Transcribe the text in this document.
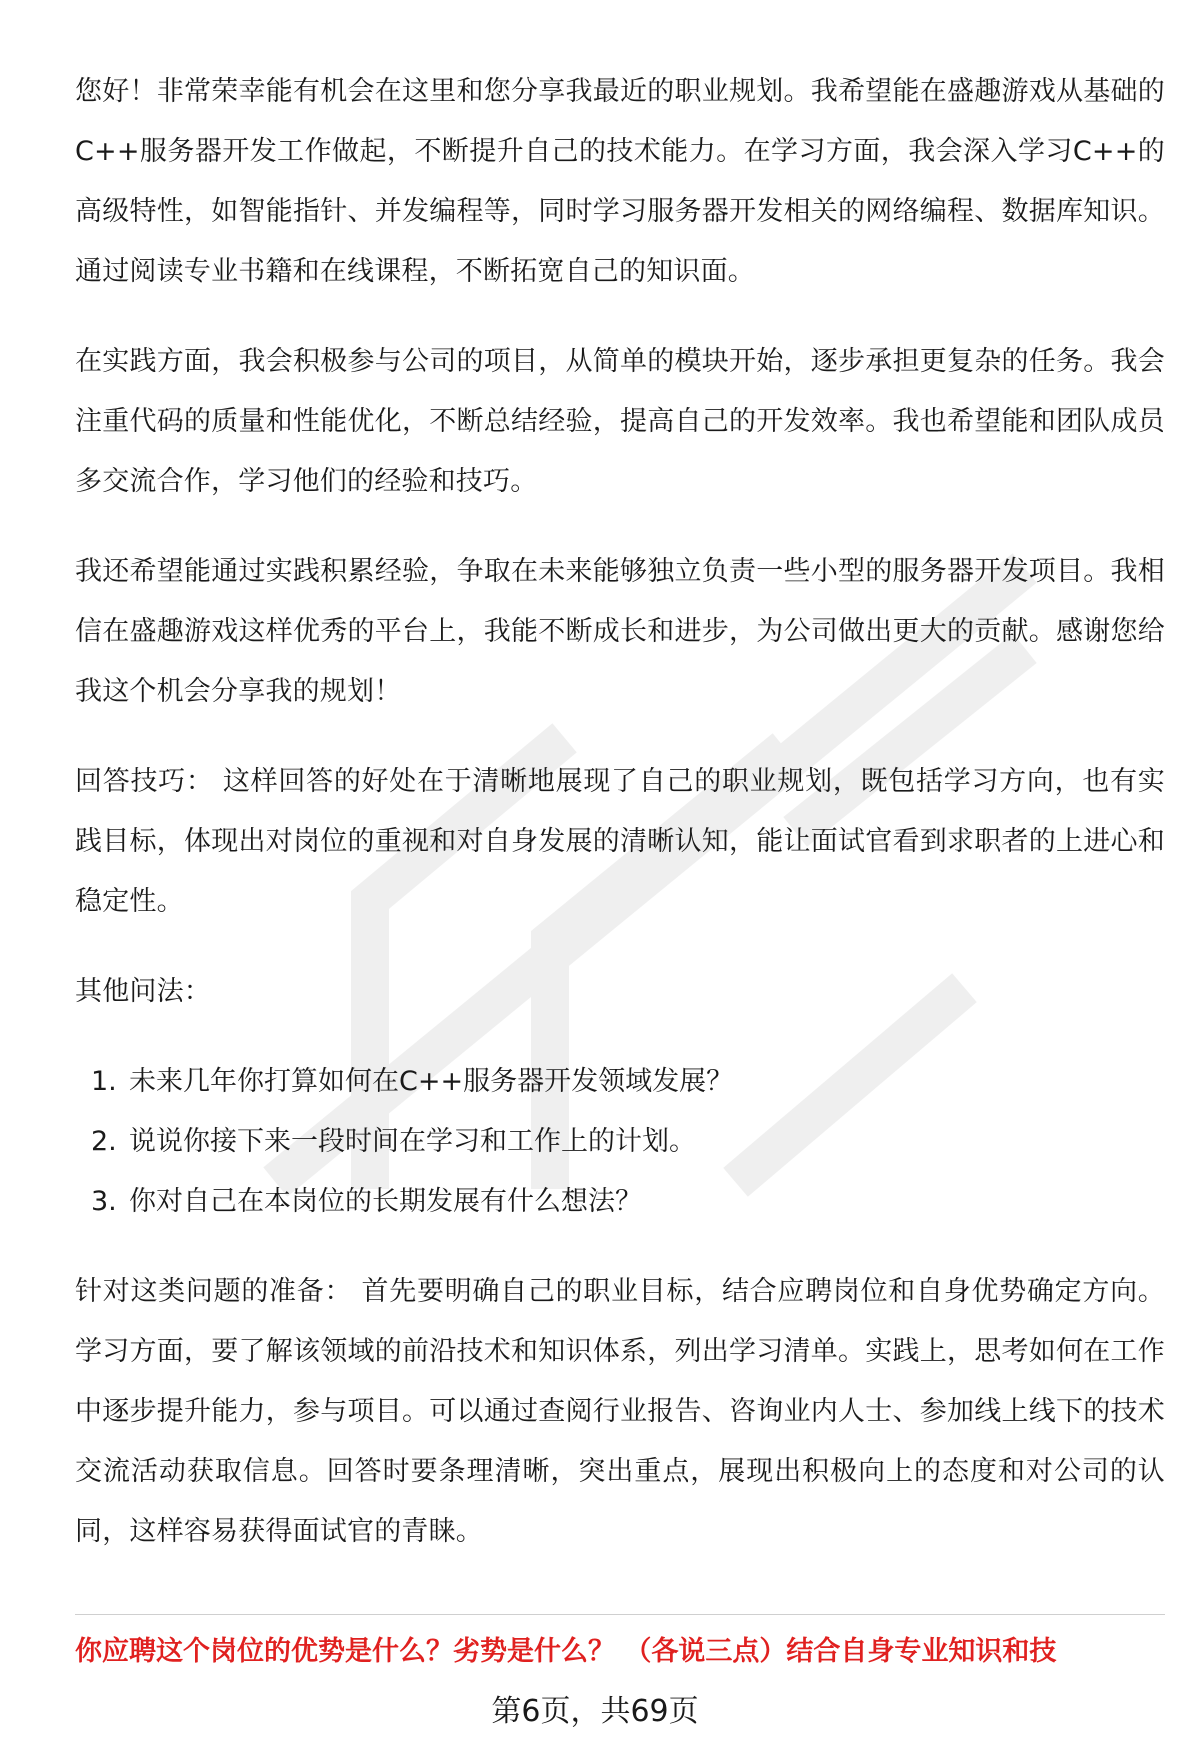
您好！非常荣幸能有机会在这里和您分享我最近的职业规划。我希望能在盛趣游戏从基础的C++服务器开发工作做起，不断提升自己的技术能力。在学习方面，我会深入学习C++的高级特性，如智能指针、并发编程等，同时学习服务器开发相关的网络编程、数据库知识。通过阅读专业书籍和在线课程，不断拓宽自己的知识面。

在实践方面，我会积极参与公司的项目，从简单的模块开始，逐步承担更复杂的任务。我会注重代码的质量和性能优化，不断总结经验，提高自己的开发效率。我也希望能和团队成员多交流合作，学习他们的经验和技巧。

我还希望能通过实践积累经验，争取在未来能够独立负责一些小型的服务器开发项目。我相信在盛趣游戏这样优秀的平台上，我能不断成长和进步，为公司做出更大的贡献。感谢您给我这个机会分享我的规划！

回答技巧： 这样回答的好处在于清晰地展现了自己的职业规划，既包括学习方向，也有实践目标，体现出对岗位的重视和对自身发展的清晰认知，能让面试官看到求职者的上进心和稳定性。

其他问法：

1. 未来几年你打算如何在C++服务器开发领域发展？
2. 说说你接下来一段时间在学习和工作上的计划。
3. 你对自己在本岗位的长期发展有什么想法？

针对这类问题的准备： 首先要明确自己的职业目标，结合应聘岗位和自身优势确定方向。学习方面，要了解该领域的前沿技术和知识体系，列出学习清单。实践上，思考如何在工作中逐步提升能力，参与项目。可以通过查阅行业报告、咨询业内人士、参加线上线下的技术交流活动获取信息。回答时要条理清晰，突出重点，展现出积极向上的态度和对公司的认同，这样容易获得面试官的青睐。

你应聘这个岗位的优势是什么？劣势是什么？ （各说三点）结合自身专业知识和技
第6页，共69页
